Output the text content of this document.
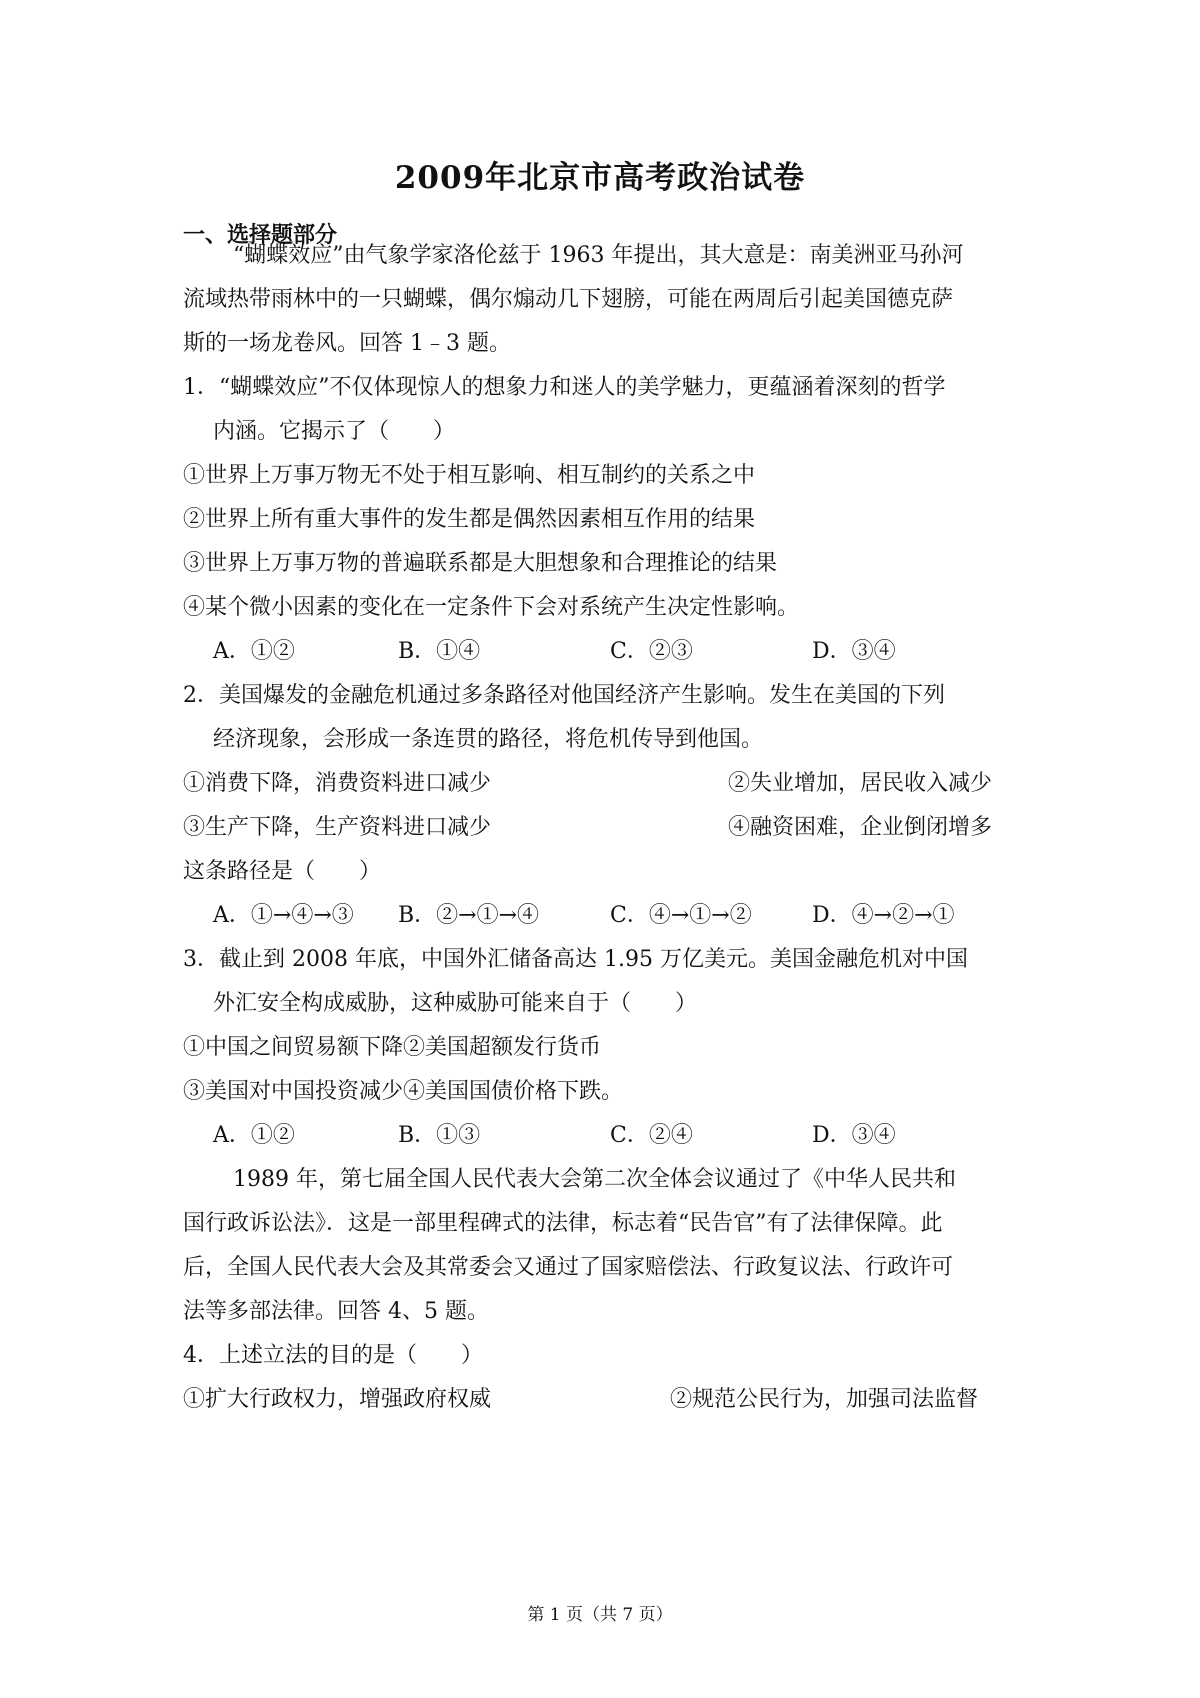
2009年北京市高考政治试卷
一、选择题部分
“蝴蝶效应”由气象学家洛伦兹于 1963 年提出，其大意是：南美洲亚马孙河
流域热带雨林中的一只蝴蝶，偶尔煽动几下翅膀，可能在两周后引起美国德克萨
斯的一场龙卷风。回答 1﹣3 题。
1．“蝴蝶效应”不仅体现惊人的想象力和迷人的美学魅力，更蕴涵着深刻的哲学
内涵。它揭示了（　　）
①世界上万事万物无不处于相互影响、相互制约的关系之中
②世界上所有重大事件的发生都是偶然因素相互作用的结果
③世界上万事万物的普遍联系都是大胆想象和合理推论的结果
④某个微小因素的变化在一定条件下会对系统产生决定性影响。
A．①②	B．①④	C．②③	D．③④
2．美国爆发的金融危机通过多条路径对他国经济产生影响。发生在美国的下列
经济现象，会形成一条连贯的路径，将危机传导到他国。
①消费下降，消费资料进口减少	②失业增加，居民收入减少
③生产下降，生产资料进口减少	④融资困难，企业倒闭增多
这条路径是（　　）
A．①→④→③ B．②→①→④	C．④→①→②	D．④→②→①
3．截止到 2008 年底，中国外汇储备高达 1.95 万亿美元。美国金融危机对中国
外汇安全构成威胁，这种威胁可能来自于（　　）
①中国之间贸易额下降②美国超额发行货币
③美国对中国投资减少④美国国债价格下跌。
A．①②	B．①③	C．②④	D．③④
1989 年，第七届全国人民代表大会第二次全体会议通过了《中华人民共和
国行政诉讼法》．这是一部里程碑式的法律，标志着“民告官”有了法律保障。此
后，全国人民代表大会及其常委会又通过了国家赔偿法、行政复议法、行政许可
法等多部法律。回答 4、5 题。
4．上述立法的目的是（　　）
①扩大行政权力，增强政府权威	②规范公民行为，加强司法监督
第 1 页（共 7 页）
